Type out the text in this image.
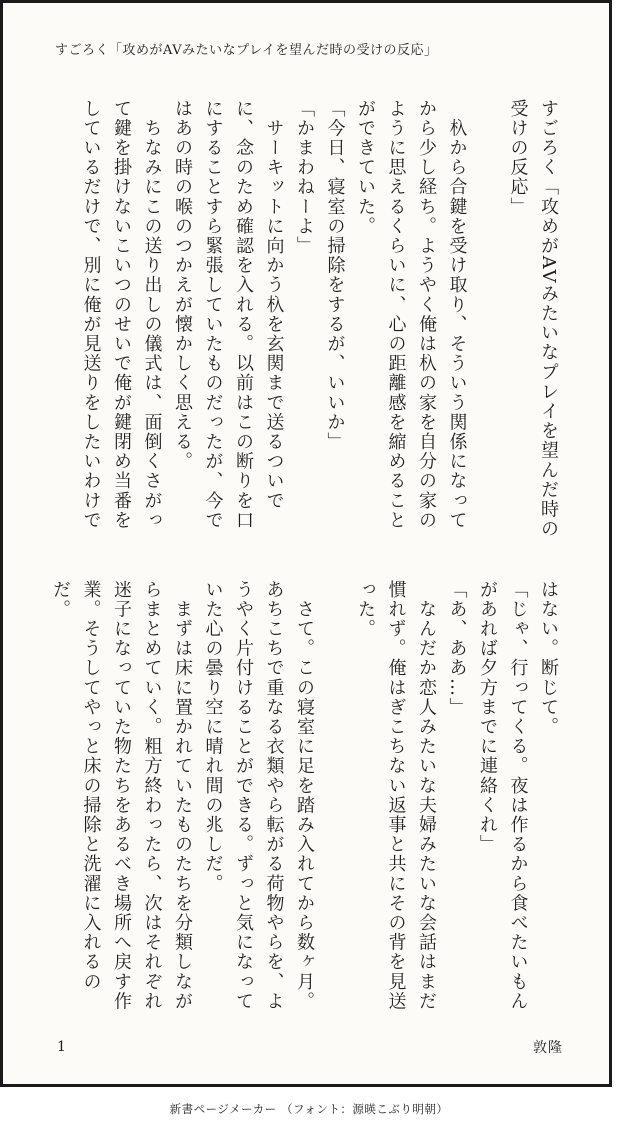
すごろく「攻めがAVみたいなプレイを望んだ時の受けの反応」
すごろく「攻めがAVみたいなプレイを望んだ時の受けの反応」

　杁から合鍵を受け取り、そういう関係になってから少し経ち。ようやく俺は杁の家を自分の家のように思えるくらいに、心の距離感を縮めることができていた。
「今日、寝室の掃除をするが、いいか」
「かまわねーよ」
　サーキットに向かう杁を玄関まで送るついでに、念のため確認を入れる。以前はこの断りを口にすることすら緊張していたものだったが、今ではあの時の喉のつかえが懐かしく思える。
　ちなみにこの送り出しの儀式は、面倒くさがって鍵を掛けないこいつのせいで俺が鍵閉め当番をしているだけで、別に俺が見送りをしたいわけで
はない。断じて。
「じゃ、行ってくる。夜は作るから食べたいもんがあれば夕方までに連絡くれ」
「あ、ああ…」
　なんだか恋人みたいな夫婦みたいな会話はまだ慣れず。俺はぎこちない返事と共にその背を見送った。

　さて。この寝室に足を踏み入れてから数ヶ月。あちこちで重なる衣類やら転がる荷物やらを、ようやく片付けることができる。ずっと気になっていた心の曇り空に晴れ間の兆しだ。
　まずは床に置かれていたものたちを分類しながらまとめていく。粗方終わったら、次はそれぞれ迷子になっていた物たちをあるべき場所へ戻す作業。そうしてやっと床の掃除と洗濯に入れるのだ。
1	敦隆
新書ページメーカー （フォント：源暎こぶり明朝）
